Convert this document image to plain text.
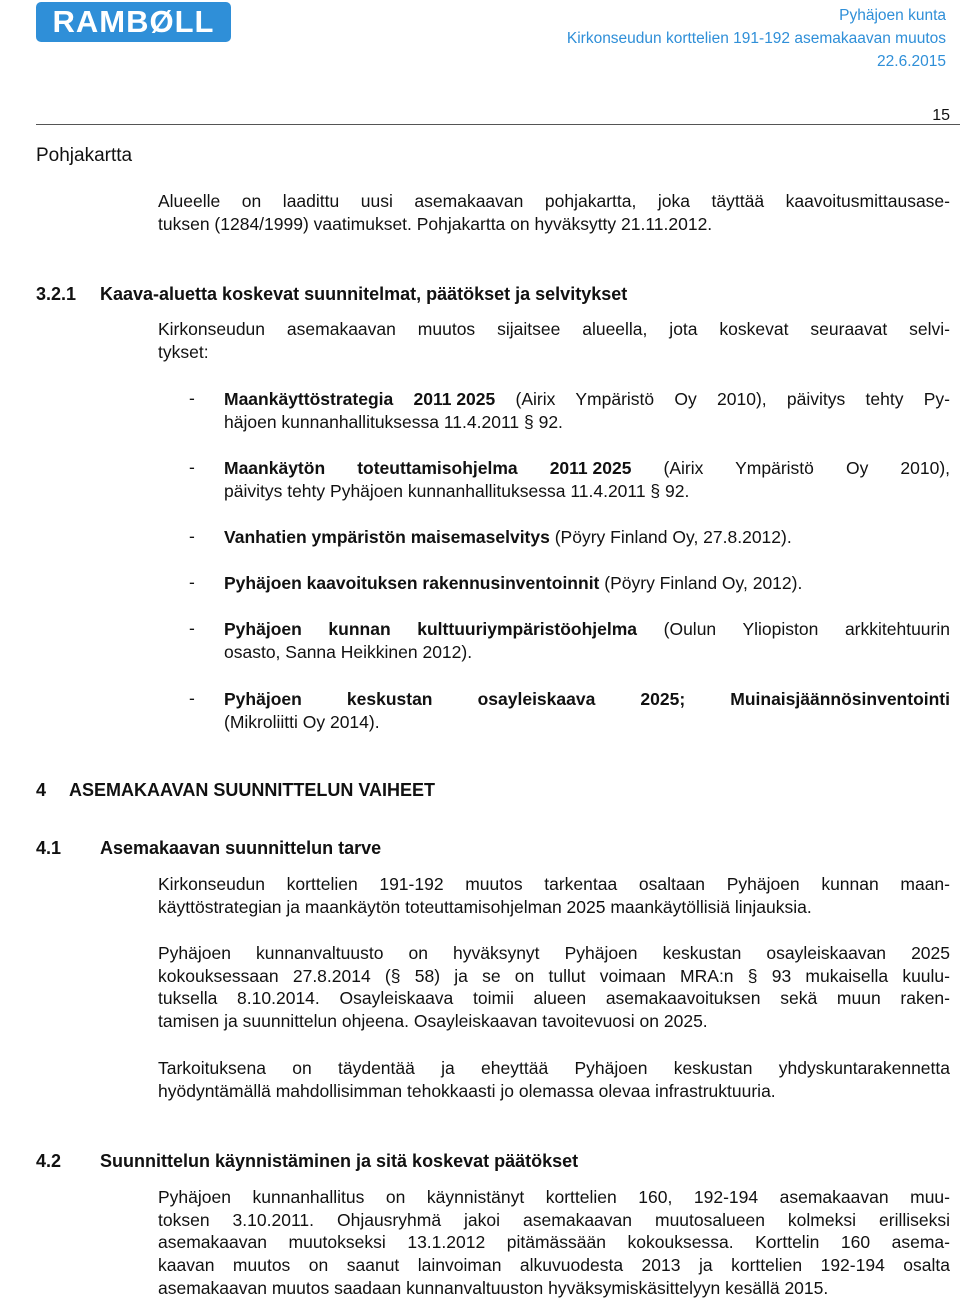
RAMBØLL	Pyhäjoen kunta
Kirkonseudun korttelien 191-192 asemakaavan muutos
22.6.2015
15
Pohjakartta

Alueelle on laadittu uusi asemakaavan pohjakartta, joka täyttää kaavoitusmittausase-

tuksen (1284/1999) vaatimukset. Pohjakartta on hyväksytty 21.11.2012.

3.2.1 Kaava-aluetta koskevat suunnitelmat, päätökset ja selvitykset

Kirkonseudun asemakaavan muutos sijaitsee alueella, jota koskevat seuraavat selvi-

tykset:

- Maankäyttöstrategia 2011 2025 (Airix Ympäristö Oy 2010), päivitys tehty Py-

häjoen kunnanhallituksessa 11.4.2011 § 92.

- Maankäytön toteuttamisohjelma 2011 2025 (Airix Ympäristö Oy 2010),

päivitys tehty Pyhäjoen kunnanhallituksessa 11.4.2011 § 92.

- Vanhatien ympäristön maisemaselvitys (Pöyry Finland Oy, 27.8.2012).

- Pyhäjoen kaavoituksen rakennusinventoinnit (Pöyry Finland Oy, 2012).

- Pyhäjoen kunnan kulttuuriympäristöohjelma (Oulun Yliopiston arkkitehtuurin

osasto, Sanna Heikkinen 2012).

- Pyhäjoen keskustan osayleiskaava 2025; Muinaisjäännösinventointi

(Mikroliitti Oy 2014).

4 ASEMAKAAVAN SUUNNITTELUN VAIHEET
4.1 Asemakaavan suunnittelun tarve

Kirkonseudun korttelien 191-192 muutos tarkentaa osaltaan Pyhäjoen kunnan maan-

käyttöstrategian ja maankäytön toteuttamisohjelman 2025 maankäytöllisiä linjauksia.

Pyhäjoen kunnanvaltuusto on hyväksynyt Pyhäjoen keskustan osayleiskaavan 2025

kokouksessaan 27.8.2014 (§ 58) ja se on tullut voimaan MRA:n § 93 mukaisella kuulu-

tuksella 8.10.2014. Osayleiskaava toimii alueen asemakaavoituksen sekä muun raken-

tamisen ja suunnittelun ohjeena. Osayleiskaavan tavoitevuosi on 2025.

Tarkoituksena on täydentää ja eheyttää Pyhäjoen keskustan yhdyskuntarakennetta

hyödyntämällä mahdollisimman tehokkaasti jo olemassa olevaa infrastruktuuria.

4.2 Suunnittelun käynnistäminen ja sitä koskevat päätökset

Pyhäjoen kunnanhallitus on käynnistänyt korttelien 160, 192-194 asemakaavan muu-

toksen 3.10.2011. Ohjausryhmä jakoi asemakaavan muutosalueen kolmeksi erilliseksi

asemakaavan muutokseksi 13.1.2012 pitämässään kokouksessa. Korttelin 160 asema-

kaavan muutos on saanut lainvoiman alkuvuodesta 2013 ja korttelien 192-194 osalta

asemakaavan muutos saadaan kunnanvaltuuston hyväksymiskäsittelyyn kesällä 2015.
